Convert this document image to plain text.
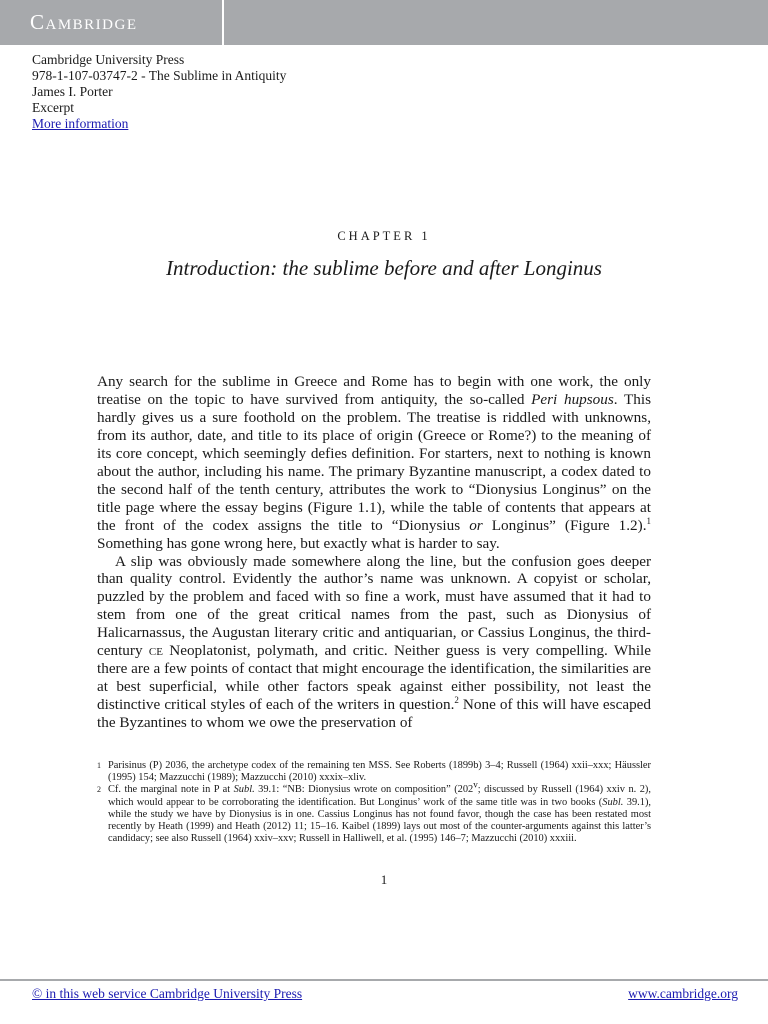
Cambridge
Cambridge University Press
978-1-107-03747-2 - The Sublime in Antiquity
James I. Porter
Excerpt
More information
CHAPTER 1
Introduction: the sublime before and after Longinus

Any search for the sublime in Greece and Rome has to begin with one work, the only treatise on the topic to have survived from antiquity, the so-called Peri hupsous. This hardly gives us a sure foothold on the problem. The treatise is riddled with unknowns, from its author, date, and title to its place of origin (Greece or Rome?) to the meaning of its core concept, which seemingly defies definition. For starters, next to nothing is known about the author, including his name. The primary Byzantine manuscript, a codex dated to the second half of the tenth century, attributes the work to “Dionysius Longinus” on the title page where the essay begins (Figure 1.1), while the table of contents that appears at the front of the codex assigns the title to “Dionysius or Longinus” (Figure 1.2).$^1$ Something has gone wrong here, but exactly what is harder to say.

A slip was obviously made somewhere along the line, but the confusion goes deeper than quality control. Evidently the author’s name was unknown. A copyist or scholar, puzzled by the problem and faced with so fine a work, must have assumed that it had to stem from one of the great critical names from the past, such as Dionysius of Halicarnassus, the Augustan literary critic and antiquarian, or Cassius Longinus, the third-century ce Neoplatonist, polymath, and critic. Neither guess is very compelling. While there are a few points of contact that might encourage the identification, the similarities are at best superficial, while other factors speak against either possibility, not least the distinctive critical styles of each of the writers in question.$^2$ None of this will have escaped the Byzantines to whom we owe the preservation of

1 Parisinus (P) 2036, the archetype codex of the remaining ten MSS. See Roberts (1899b) 3–4; Russell (1964) xxii–xxx; Häussler (1995) 154; Mazzucchi (1989); Mazzucchi (2010) xxxix–xliv.
2 Cf. the marginal note in P at Subl. 39.1: “NB: Dionysius wrote on composition” (202$^v$; discussed by Russell (1964) xxiv n. 2), which would appear to be corroborating the identification. But Longinus’ work of the same title was in two books (Subl. 39.1), while the study we have by Dionysius is in one. Cassius Longinus has not found favor, though the case has been restated most recently by Heath (1999) and Heath (2012) 11; 15–16. Kaibel (1899) lays out most of the counter-arguments against this latter’s candidacy; see also Russell (1964) xxiv–xxv; Russell in Halliwell, et al. (1995) 146–7; Mazzucchi (2010) xxxiii.
1
© in this web service Cambridge University Press	www.cambridge.org
